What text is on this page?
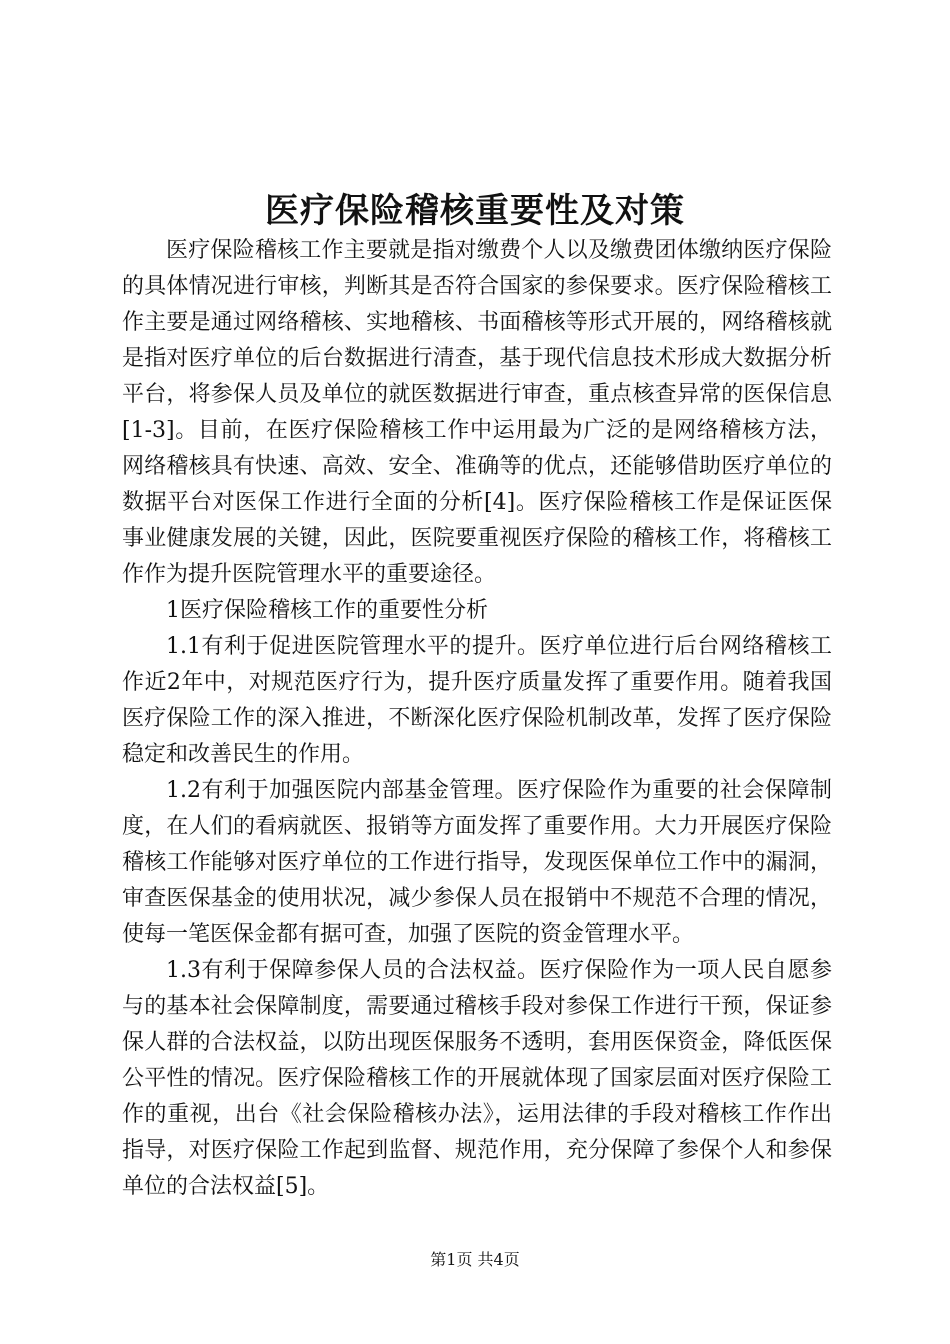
医疗保险稽核重要性及对策

医疗保险稽核工作主要就是指对缴费个人以及缴费团体缴纳医疗保险的具体情况进行审核，判断其是否符合国家的参保要求。医疗保险稽核工作主要是通过网络稽核、实地稽核、书面稽核等形式开展的，网络稽核就是指对医疗单位的后台数据进行清查，基于现代信息技术形成大数据分析平台，将参保人员及单位的就医数据进行审查，重点核查异常的医保信息[1-3]。目前，在医疗保险稽核工作中运用最为广泛的是网络稽核方法，网络稽核具有快速、高效、安全、准确等的优点，还能够借助医疗单位的数据平台对医保工作进行全面的分析[4]。医疗保险稽核工作是保证医保事业健康发展的关键，因此，医院要重视医疗保险的稽核工作，将稽核工作作为提升医院管理水平的重要途径。

1医疗保险稽核工作的重要性分析

1.1有利于促进医院管理水平的提升。医疗单位进行后台网络稽核工作近2年中，对规范医疗行为，提升医疗质量发挥了重要作用。随着我国医疗保险工作的深入推进，不断深化医疗保险机制改革，发挥了医疗保险稳定和改善民生的作用。

1.2有利于加强医院内部基金管理。医疗保险作为重要的社会保障制度，在人们的看病就医、报销等方面发挥了重要作用。大力开展医疗保险稽核工作能够对医疗单位的工作进行指导，发现医保单位工作中的漏洞，审查医保基金的使用状况，减少参保人员在报销中不规范不合理的情况，使每一笔医保金都有据可查，加强了医院的资金管理水平。

1.3有利于保障参保人员的合法权益。医疗保险作为一项人民自愿参与的基本社会保障制度，需要通过稽核手段对参保工作进行干预，保证参保人群的合法权益，以防出现医保服务不透明，套用医保资金，降低医保公平性的情况。医疗保险稽核工作的开展就体现了国家层面对医疗保险工作的重视，出台《社会保险稽核办法》，运用法律的手段对稽核工作作出指导，对医疗保险工作起到监督、规范作用，充分保障了参保个人和参保单位的合法权益[5]。

第1页 共4页
